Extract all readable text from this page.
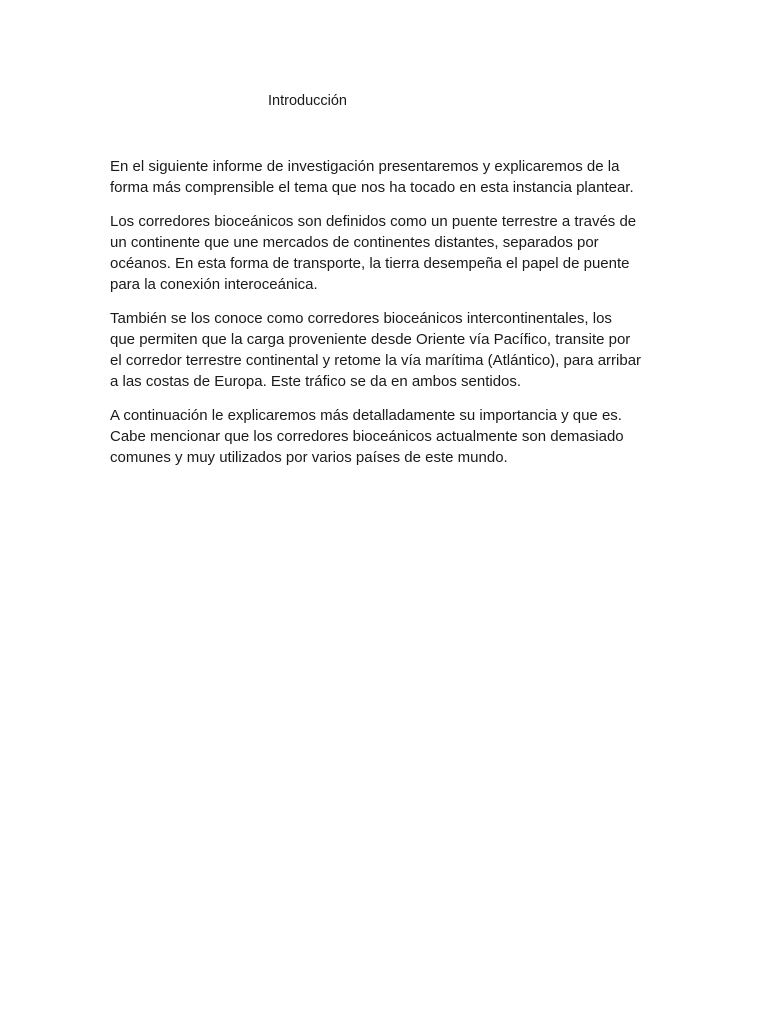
Introducción

En el siguiente informe de investigación presentaremos y explicaremos de la
forma más comprensible el tema que nos ha tocado en esta instancia plantear.

Los corredores bioceánicos son definidos como un puente terrestre a través de
un continente que une mercados de continentes distantes, separados por
océanos. En esta forma de transporte, la tierra desempeña el papel de puente
para la conexión interoceánica.

También se los conoce como corredores bioceánicos intercontinentales, los
que permiten que la carga proveniente desde Oriente vía Pacífico, transite por
el corredor terrestre continental y retome la vía marítima (Atlántico), para arribar
a las costas de Europa. Este tráfico se da en ambos sentidos.

A continuación le explicaremos más detalladamente su importancia y que es.
Cabe mencionar que los corredores bioceánicos actualmente son demasiado
comunes y muy utilizados por varios países de este mundo.
